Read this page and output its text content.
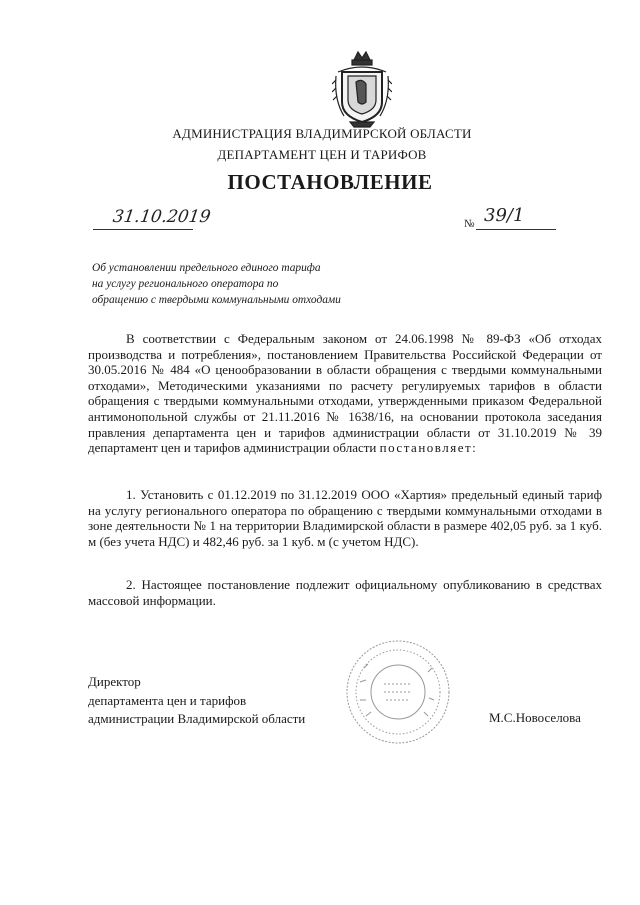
АДМИНИСТРАЦИЯ ВЛАДИМИРСКОЙ ОБЛАСТИ
ДЕПАРТАМЕНТ ЦЕН И ТАРИФОВ
ПОСТАНОВЛЕНИЕ
31.10.2019	№ 39/1
Об установлении предельного единого тарифа
на услугу регионального оператора по
обращению с твердыми коммунальными отходами

В соответствии с Федеральным законом от 24.06.1998 № 89-ФЗ «Об отходах производства и потребления», постановлением Правительства Российской Федерации от 30.05.2016 № 484 «О ценообразовании в области обращения с твердыми коммунальными отходами», Методическими указаниями по расчету регулируемых тарифов в области обращения с твердыми коммунальными отходами, утвержденными приказом Федеральной антимонопольной службы от 21.11.2016 № 1638/16, на основании протокола заседания правления департамента цен и тарифов администрации области от 31.10.2019 № 39 департамент цен и тарифов администрации области постановляет:

1. Установить с 01.12.2019 по 31.12.2019 ООО «Хартия» предельный единый тариф на услугу регионального оператора по обращению с твердыми коммунальными отходами в зоне деятельности № 1 на территории Владимирской области в размере 402,05 руб. за 1 куб. м (без учета НДС) и 482,46 руб. за 1 куб. м (с учетом НДС).

2. Настоящее постановление подлежит официальному опубликованию в средствах массовой информации.

Директор
департамента цен и тарифов
администрации Владимирской области	М.С.Новоселова
